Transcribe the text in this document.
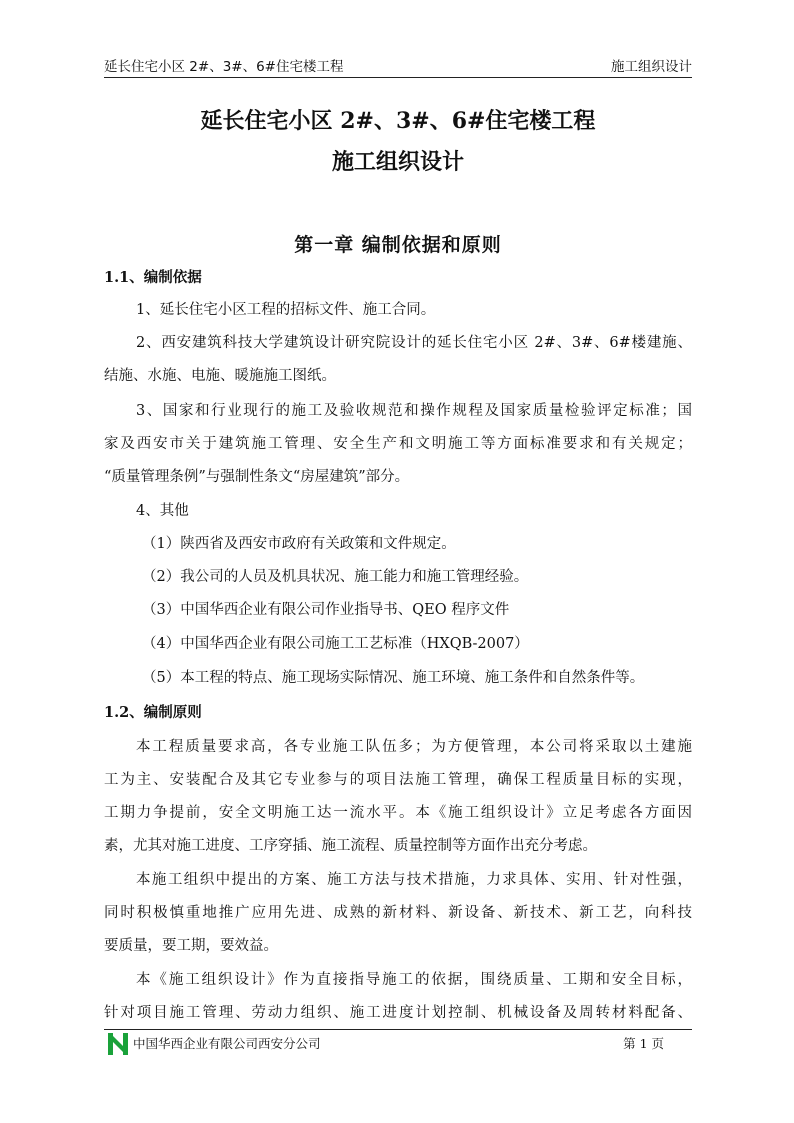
延长住宅小区 2#、3#、6#住宅楼工程	施工组织设计
延长住宅小区 2#、3#、6#住宅楼工程
施工组织设计
第一章 编制依据和原则
1.1、编制依据
1、延长住宅小区工程的招标文件、施工合同。
2、西安建筑科技大学建筑设计研究院设计的延长住宅小区 2#、3#、6#楼建施、
结施、水施、电施、暖施施工图纸。
3、国家和行业现行的施工及验收规范和操作规程及国家质量检验评定标准；国
家及西安市关于建筑施工管理、安全生产和文明施工等方面标准要求和有关规定；
“质量管理条例”与强制性条文“房屋建筑”部分。
4、其他
（1）陕西省及西安市政府有关政策和文件规定。
（2）我公司的人员及机具状况、施工能力和施工管理经验。
（3）中国华西企业有限公司作业指导书、QEO 程序文件
（4）中国华西企业有限公司施工工艺标准（HXQB-2007）
（5）本工程的特点、施工现场实际情况、施工环境、施工条件和自然条件等。
1.2、编制原则
本工程质量要求高，各专业施工队伍多；为方便管理，本公司将采取以土建施
工为主、安装配合及其它专业参与的项目法施工管理，确保工程质量目标的实现，
工期力争提前，安全文明施工达一流水平。本《施工组织设计》立足考虑各方面因
素，尤其对施工进度、工序穿插、施工流程、质量控制等方面作出充分考虑。
本施工组织中提出的方案、施工方法与技术措施，力求具体、实用、针对性强，
同时积极慎重地推广应用先进、成熟的新材料、新设备、新技术、新工艺，向科技
要质量，要工期，要效益。
本《施工组织设计》作为直接指导施工的依据，围绕质量、工期和安全目标，
针对项目施工管理、劳动力组织、施工进度计划控制、机械设备及周转材料配备、
中国华西企业有限公司西安分公司	第 1 页
